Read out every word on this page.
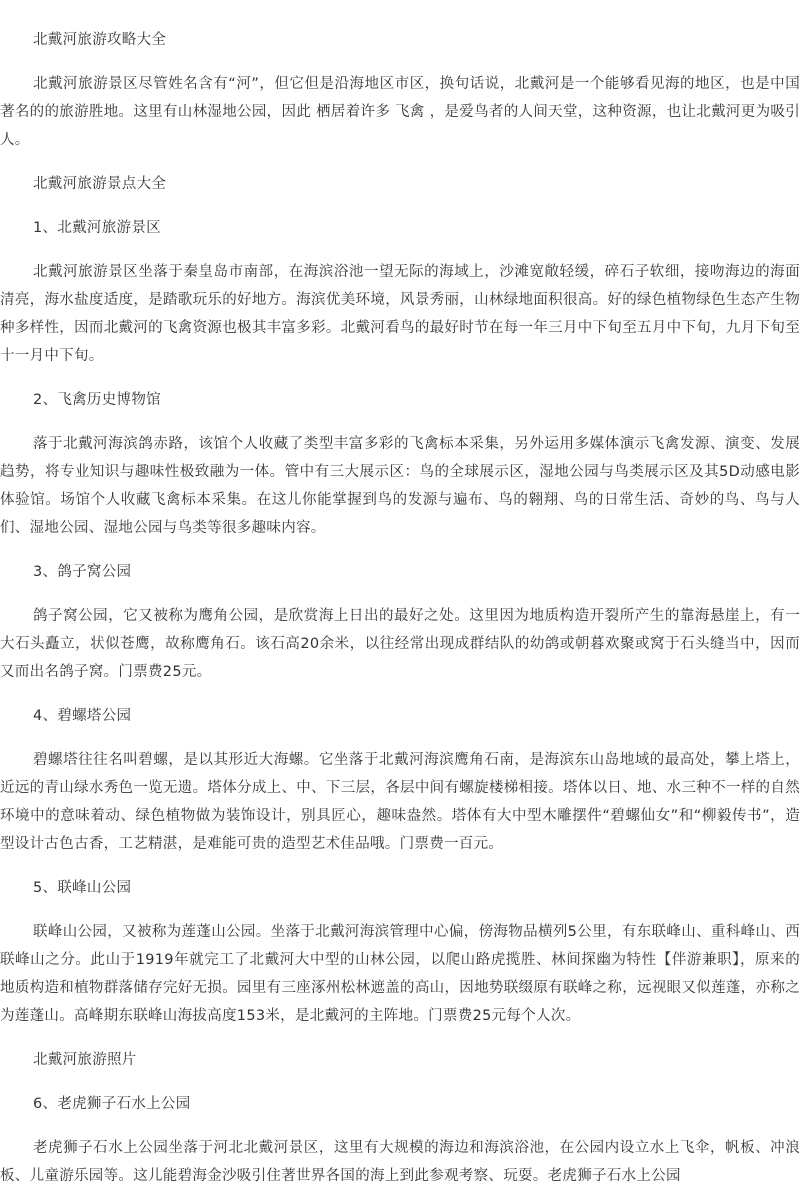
北戴河旅游攻略大全

北戴河旅游景区尽管姓名含有“河”，但它但是沿海地区市区，换句话说，北戴河是一个能够看见海的地区，也是中国著名的的旅游胜地。这里有山林湿地公园，因此 栖居着许多 飞禽 ，是爱鸟者的人间天堂，这种资源，也让北戴河更为吸引人。

北戴河旅游景点大全

1、北戴河旅游景区

北戴河旅游景区坐落于秦皇岛市南部，在海滨浴池一望无际的海域上，沙滩宽敞轻缓，碎石子软细，接吻海边的海面清亮，海水盐度适度，是踏歌玩乐的好地方。海滨优美环境，风景秀丽，山林绿地面积很高。好的绿色植物绿色生态产生物种多样性，因而北戴河的飞禽资源也极其丰富多彩。北戴河看鸟的最好时节在每一年三月中下旬至五月中下旬，九月下旬至十一月中下旬。

2、飞禽历史博物馆

落于北戴河海滨鸽赤路，该馆个人收藏了类型丰富多彩的飞禽标本采集，另外运用多媒体演示飞禽发源、演变、发展趋势，将专业知识与趣味性极致融为一体。管中有三大展示区：鸟的全球展示区，湿地公园与鸟类展示区及其5D动感电影体验馆。场馆个人收藏飞禽标本采集。在这儿你能掌握到鸟的发源与遍布、鸟的翱翔、鸟的日常生活、奇妙的鸟、鸟与人们、湿地公园、湿地公园与鸟类等很多趣味内容。

3、鸽子窝公园

鸽子窝公园，它又被称为鹰角公园，是欣赏海上日出的最好之处。这里因为地质构造开裂所产生的靠海悬崖上，有一大石头矗立，状似苍鹰，故称鹰角石。该石高20余米，以往经常出现成群结队的幼鸽或朝暮欢聚或窝于石头缝当中，因而又而出名鸽子窝。门票费25元。

4、碧螺塔公园

碧螺塔往往名叫碧螺，是以其形近大海螺。它坐落于北戴河海滨鹰角石南，是海滨东山岛地域的最高处，攀上塔上，近远的青山绿水秀色一览无遗。塔体分成上、中、下三层，各层中间有螺旋楼梯相接。塔体以日、地、水三种不一样的自然环境中的意味着动、绿色植物做为装饰设计，别具匠心，趣味盎然。塔体有大中型木雕摆件“碧螺仙女”和“柳毅传书”，造型设计古色古香，工艺精湛，是难能可贵的造型艺术佳品哦。门票费一百元。

5、联峰山公园

联峰山公园，又被称为莲蓬山公园。坐落于北戴河海滨管理中心偏，傍海物品横列5公里，有东联峰山、重科峰山、西联峰山之分。此山于1919年就完工了北戴河大中型的山林公园，以爬山路虎揽胜、林间探幽为特性【伴游兼职】，原来的地质构造和植物群落储存完好无损。园里有三座涿州松林遮盖的高山，因地势联缀原有联峰之称，远视眼又似莲蓬，亦称之为莲蓬山。高峰期东联峰山海拔高度153米，是北戴河的主阵地。门票费25元每个人次。

北戴河旅游照片

6、老虎狮子石水上公园

老虎狮子石水上公园坐落于河北北戴河景区，这里有大规模的海边和海滨浴池，在公园内设立水上飞伞，帆板、冲浪板、儿童游乐园等。这儿能碧海金沙吸引住著世界各国的海上到此参观考察、玩耍。老虎狮子石水上公园
